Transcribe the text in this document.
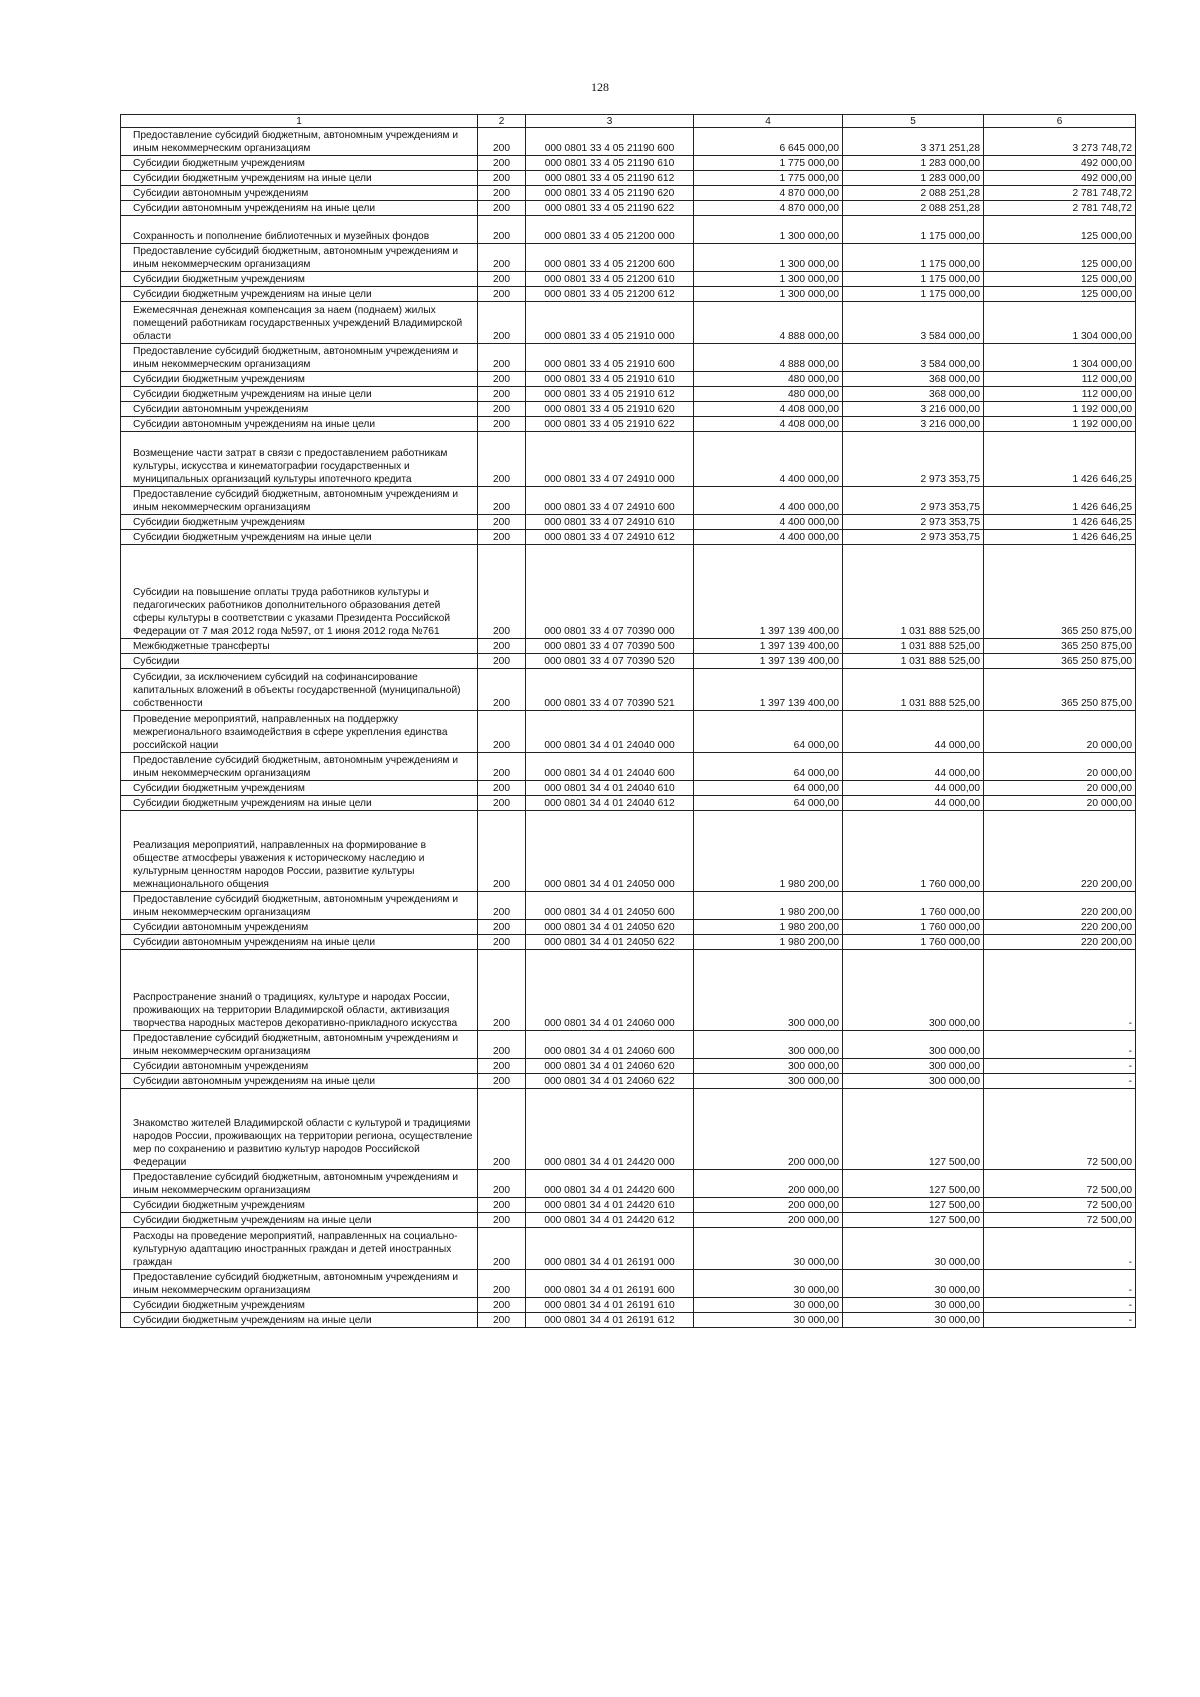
128
1	2	3	4	5	6
Предоставление субсидий бюджетным, автономным учреждениям и иным некоммерческим организациям	200	000 0801 33 4 05 21190 600	6 645 000,00	3 371 251,28	3 273 748,72
Субсидии бюджетным учреждениям	200	000 0801 33 4 05 21190 610	1 775 000,00	1 283 000,00	492 000,00
Субсидии бюджетным учреждениям на иные цели	200	000 0801 33 4 05 21190 612	1 775 000,00	1 283 000,00	492 000,00
Субсидии автономным учреждениям	200	000 0801 33 4 05 21190 620	4 870 000,00	2 088 251,28	2 781 748,72
Субсидии автономным учреждениям на иные цели	200	000 0801 33 4 05 21190 622	4 870 000,00	2 088 251,28	2 781 748,72
Сохранность и пополнение библиотечных и музейных фондов	200	000 0801 33 4 05 21200 000	1 300 000,00	1 175 000,00	125 000,00
Предоставление субсидий бюджетным, автономным учреждениям и иным некоммерческим организациям	200	000 0801 33 4 05 21200 600	1 300 000,00	1 175 000,00	125 000,00
Субсидии бюджетным учреждениям	200	000 0801 33 4 05 21200 610	1 300 000,00	1 175 000,00	125 000,00
Субсидии бюджетным учреждениям на иные цели	200	000 0801 33 4 05 21200 612	1 300 000,00	1 175 000,00	125 000,00
Ежемесячная денежная компенсация за наем (поднаем) жилых помещений работникам государственных учреждений Владимирской области	200	000 0801 33 4 05 21910 000	4 888 000,00	3 584 000,00	1 304 000,00
Предоставление субсидий бюджетным, автономным учреждениям и иным некоммерческим организациям	200	000 0801 33 4 05 21910 600	4 888 000,00	3 584 000,00	1 304 000,00
Субсидии бюджетным учреждениям	200	000 0801 33 4 05 21910 610	480 000,00	368 000,00	112 000,00
Субсидии бюджетным учреждениям на иные цели	200	000 0801 33 4 05 21910 612	480 000,00	368 000,00	112 000,00
Субсидии автономным учреждениям	200	000 0801 33 4 05 21910 620	4 408 000,00	3 216 000,00	1 192 000,00
Субсидии автономным учреждениям на иные цели	200	000 0801 33 4 05 21910 622	4 408 000,00	3 216 000,00	1 192 000,00
Возмещение части затрат в связи с предоставлением работникам культуры, искусства и кинематографии государственных и муниципальных организаций культуры ипотечного кредита	200	000 0801 33 4 07 24910 000	4 400 000,00	2 973 353,75	1 426 646,25
Предоставление субсидий бюджетным, автономным учреждениям и иным некоммерческим организациям	200	000 0801 33 4 07 24910 600	4 400 000,00	2 973 353,75	1 426 646,25
Субсидии бюджетным учреждениям	200	000 0801 33 4 07 24910 610	4 400 000,00	2 973 353,75	1 426 646,25
Субсидии бюджетным учреждениям на иные цели	200	000 0801 33 4 07 24910 612	4 400 000,00	2 973 353,75	1 426 646,25
Субсидии на повышение оплаты труда работников культуры и педагогических работников дополнительного образования детей сферы культуры в соответствии с указами Президента Российской Федерации от 7 мая 2012 года №597, от 1 июня 2012 года №761	200	000 0801 33 4 07 70390 000	1 397 139 400,00	1 031 888 525,00	365 250 875,00
Межбюджетные трансферты	200	000 0801 33 4 07 70390 500	1 397 139 400,00	1 031 888 525,00	365 250 875,00
Субсидии	200	000 0801 33 4 07 70390 520	1 397 139 400,00	1 031 888 525,00	365 250 875,00
Субсидии, за исключением субсидий на софинансирование капитальных вложений в объекты государственной (муниципальной) собственности	200	000 0801 33 4 07 70390 521	1 397 139 400,00	1 031 888 525,00	365 250 875,00
Проведение мероприятий, направленных на поддержку межрегионального взаимодействия в сфере укрепления единства российской нации	200	000 0801 34 4 01 24040 000	64 000,00	44 000,00	20 000,00
Предоставление субсидий бюджетным, автономным учреждениям и иным некоммерческим организациям	200	000 0801 34 4 01 24040 600	64 000,00	44 000,00	20 000,00
Субсидии бюджетным учреждениям	200	000 0801 34 4 01 24040 610	64 000,00	44 000,00	20 000,00
Субсидии бюджетным учреждениям на иные цели	200	000 0801 34 4 01 24040 612	64 000,00	44 000,00	20 000,00
Реализация мероприятий, направленных на формирование в обществе атмосферы уважения к историческому наследию и культурным ценностям народов России, развитие культуры межнационального общения	200	000 0801 34 4 01 24050 000	1 980 200,00	1 760 000,00	220 200,00
Предоставление субсидий бюджетным, автономным учреждениям и иным некоммерческим организациям	200	000 0801 34 4 01 24050 600	1 980 200,00	1 760 000,00	220 200,00
Субсидии автономным учреждениям	200	000 0801 34 4 01 24050 620	1 980 200,00	1 760 000,00	220 200,00
Субсидии автономным учреждениям на иные цели	200	000 0801 34 4 01 24050 622	1 980 200,00	1 760 000,00	220 200,00
Распространение знаний о традициях, культуре и народах России, проживающих на территории Владимирской области, активизация творчества народных мастеров декоративно-прикладного искусства	200	000 0801 34 4 01 24060 000	300 000,00	300 000,00	-
Предоставление субсидий бюджетным, автономным учреждениям и иным некоммерческим организациям	200	000 0801 34 4 01 24060 600	300 000,00	300 000,00	-
Субсидии автономным учреждениям	200	000 0801 34 4 01 24060 620	300 000,00	300 000,00	-
Субсидии автономным учреждениям на иные цели	200	000 0801 34 4 01 24060 622	300 000,00	300 000,00	-
Знакомство жителей Владимирской области с культурой и традициями народов России, проживающих на территории региона, осуществление мер по сохранению и развитию культур народов Российской Федерации	200	000 0801 34 4 01 24420 000	200 000,00	127 500,00	72 500,00
Предоставление субсидий бюджетным, автономным учреждениям и иным некоммерческим организациям	200	000 0801 34 4 01 24420 600	200 000,00	127 500,00	72 500,00
Субсидии бюджетным учреждениям	200	000 0801 34 4 01 24420 610	200 000,00	127 500,00	72 500,00
Субсидии бюджетным учреждениям на иные цели	200	000 0801 34 4 01 24420 612	200 000,00	127 500,00	72 500,00
Расходы на проведение мероприятий, направленных на социально-культурную адаптацию иностранных граждан и детей иностранных граждан	200	000 0801 34 4 01 26191 000	30 000,00	30 000,00	-
Предоставление субсидий бюджетным, автономным учреждениям и иным некоммерческим организациям	200	000 0801 34 4 01 26191 600	30 000,00	30 000,00	-
Субсидии бюджетным учреждениям	200	000 0801 34 4 01 26191 610	30 000,00	30 000,00	-
Субсидии бюджетным учреждениям на иные цели	200	000 0801 34 4 01 26191 612	30 000,00	30 000,00	-
